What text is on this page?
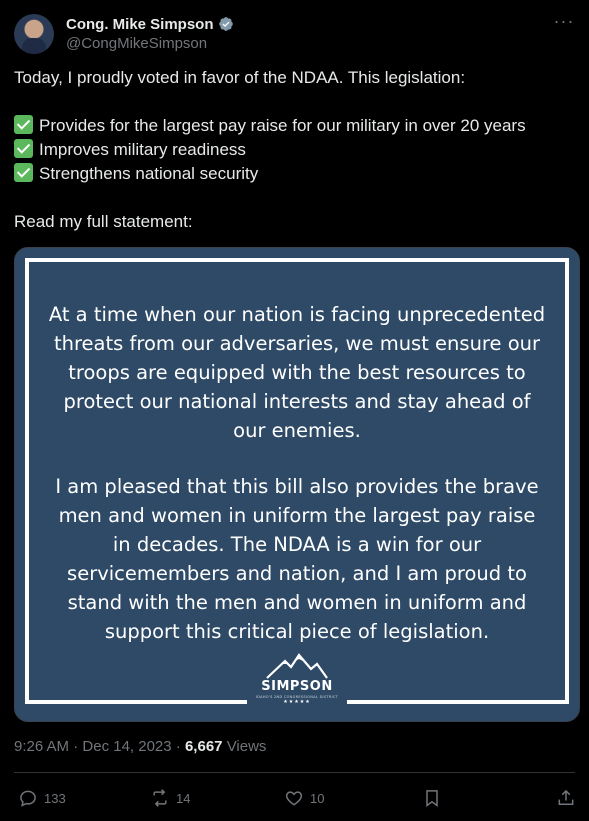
Cong. Mike Simpson
@CongMikeSimpson
···
Today, I proudly voted in favor of the NDAA. This legislation:
Provides for the largest pay raise for our military in over 20 years
Improves military readiness
Strengthens national security
Read my full statement:
At a time when our nation is facing unprecedented threats from our adversaries, we must ensure our troops are equipped with the best resources to protect our national interests and stay ahead of our enemies.
I am pleased that this bill also provides the brave men and women in uniform the largest pay raise in decades. The NDAA is a win for our servicemembers and nation, and I am proud to stand with the men and women in uniform and support this critical piece of legislation.
SIMPSON
IDAHO'S 2ND CONGRESSIONAL DISTRICT
★★★★★
9:26 AM · Dec 14, 2023 · 6,667 Views
133	14	10
